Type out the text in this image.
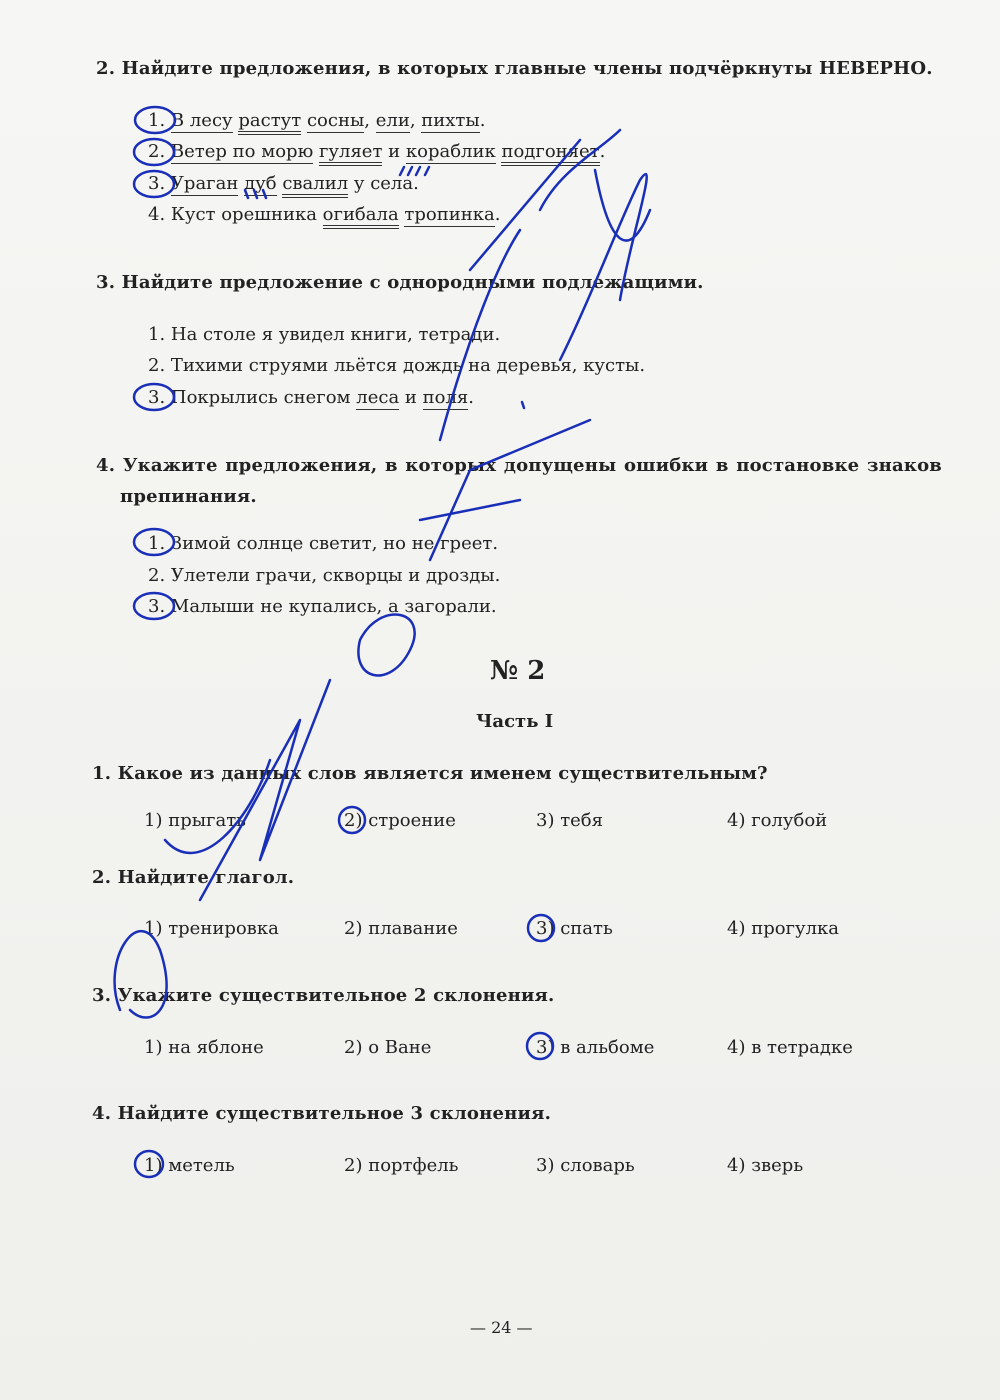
2. Найдите предложения, в которых главные члены подчёркнуты НЕВЕРНО.
1. В лесу растут сосны, ели, пихты.
2. Ветер по морю гуляет и кораблик подгоняет.
3. Ураган дуб свалил у села.
4. Куст орешника огибала тропинка.
3. Найдите предложение с однородными подлежащими.
1. На столе я увидел книги, тетради.
2. Тихими струями льётся дождь на деревья, кусты.
3. Покрылись снегом леса и поля.
4. Укажите предложения, в которых допущены ошибки в постановке знаков
препинания.
1. Зимой солнце светит, но не греет.
2. Улетели грачи, скворцы и дрозды.
3. Малыши не купались, а загорали.
№ 2
Часть I
1. Какое из данных слов является именем существительным?
1) прыгать	2) строение	3) тебя	4) голубой
2. Найдите глагол.
1) тренировка	2) плавание	3) спать	4) прогулка
3. Укажите существительное 2 склонения.
1) на яблоне	2) о Ване	3) в альбоме	4) в тетрадке
4. Найдите существительное 3 склонения.
1) метель	2) портфель	3) словарь	4) зверь
— 24 —
